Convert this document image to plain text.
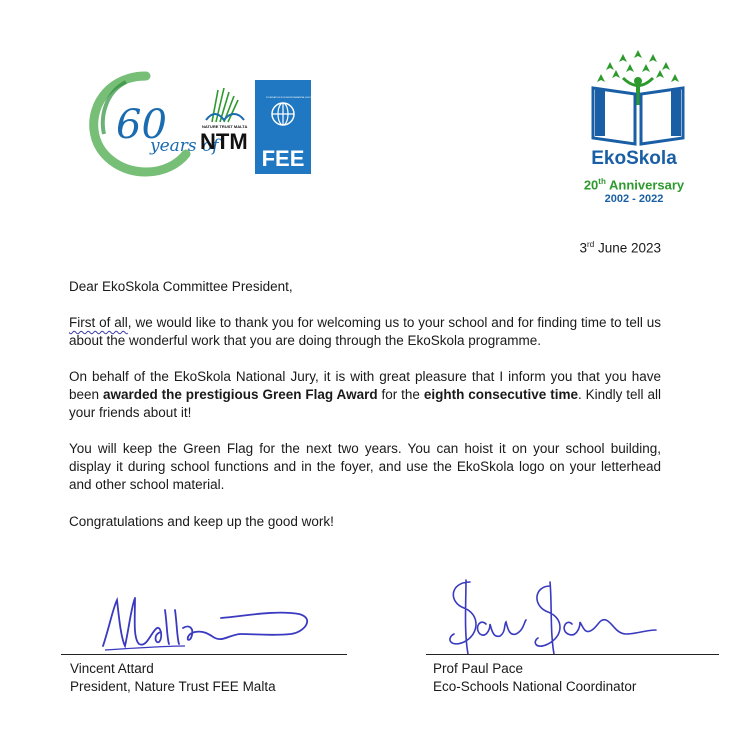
60
years of
NATURE TRUST MALTA
NTM
FOUNDATION FOR ENVIRONMENTAL EDUCATION
FEE	EkoSkola
20th Anniversary
2002 - 2022
3rd June 2023
Dear EkoSkola Committee President,
First of all, we would like to thank you for welcoming us to your school and for finding time to tell us about the wonderful work that you are doing through the EkoSkola programme.
On behalf of the EkoSkola National Jury, it is with great pleasure that I inform you that you have been awarded the prestigious Green Flag Award for the eighth consecutive time. Kindly tell all your friends about it!
You will keep the Green Flag for the next two years. You can hoist it on your school building, display it during school functions and in the foyer, and use the EkoSkola logo on your letterhead and other school material.
Congratulations and keep up the good work!
Vincent Attard
President, Nature Trust FEE Malta
Prof Paul Pace
Eco-Schools National Coordinator
